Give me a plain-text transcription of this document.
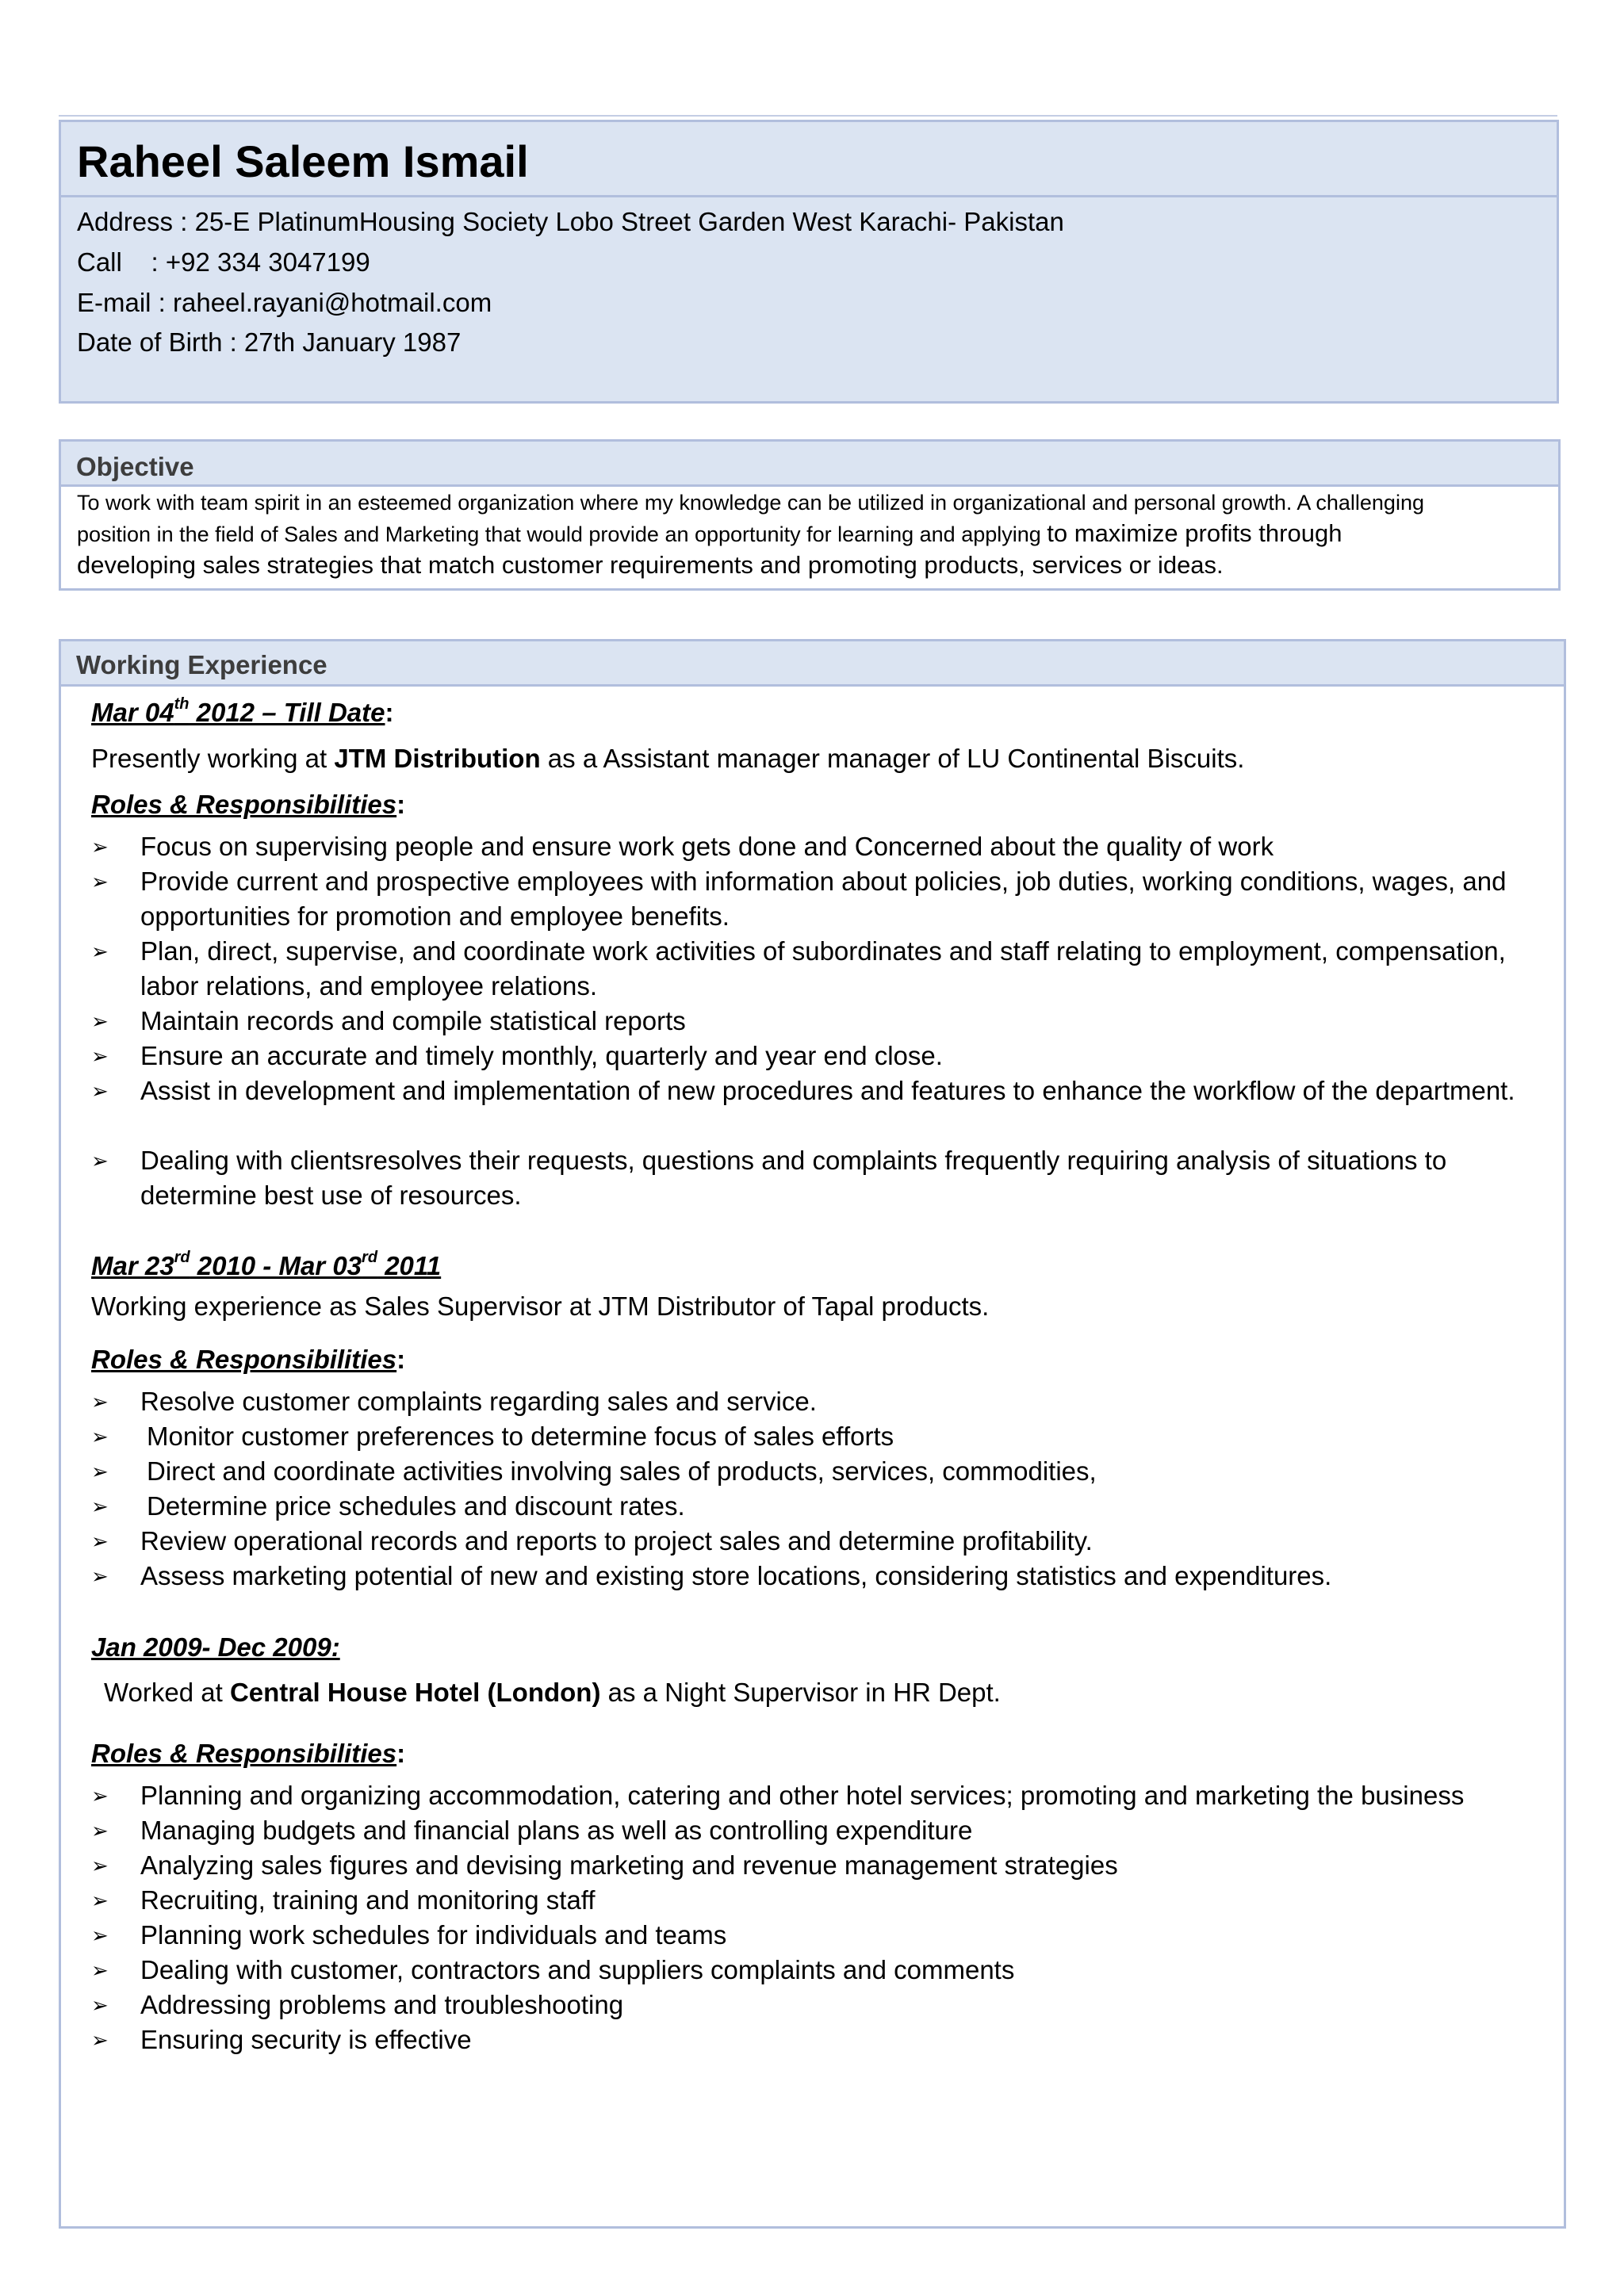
Raheel Saleem Ismail
Address : 25-E PlatinumHousing Society Lobo Street Garden West Karachi- Pakistan
Call    : +92 334 3047199
E-mail : raheel.rayani@hotmail.com
Date of Birth : 27th January 1987
Objective
To work with team spirit in an esteemed organization where my knowledge can be utilized in organizational and personal growth. A challenging
position in the field of Sales and Marketing that would provide an opportunity for learning and applying to maximize profits through
developing sales strategies that match customer requirements and promoting products, services or ideas.
Working Experience
Mar 04th 2012 – Till Date:
Presently working at JTM Distribution as a Assistant manager manager of LU Continental Biscuits.
Roles & Responsibilities:
➢ Focus on supervising people and ensure work gets done and Concerned about the quality of work
➢ Provide current and prospective employees with information about policies, job duties, working conditions, wages, and opportunities for promotion and employee benefits.
➢ Plan, direct, supervise, and coordinate work activities of subordinates and staff relating to employment, compensation, labor relations, and employee relations.
➢ Maintain records and compile statistical reports
➢ Ensure an accurate and timely monthly, quarterly and year end close.
➢ Assist in development and implementation of new procedures and features to enhance the workflow of the department.
➢ Dealing with clientsresolves their requests, questions and complaints frequently requiring analysis of situations to determine best use of resources.
Mar 23rd 2010 - Mar 03rd 2011
Working experience as Sales Supervisor at JTM Distributor of Tapal products.
Roles & Responsibilities:
➢ Resolve customer complaints regarding sales and service.
➢ Monitor customer preferences to determine focus of sales efforts
➢ Direct and coordinate activities involving sales of products, services, commodities,
➢ Determine price schedules and discount rates.
➢ Review operational records and reports to project sales and determine profitability.
➢ Assess marketing potential of new and existing store locations, considering statistics and expenditures.
Jan 2009- Dec 2009:
Worked at Central House Hotel (London) as a Night Supervisor in HR Dept.
Roles & Responsibilities:
➢ Planning and organizing accommodation, catering and other hotel services; promoting and marketing the business
➢ Managing budgets and financial plans as well as controlling expenditure
➢ Analyzing sales figures and devising marketing and revenue management strategies
➢ Recruiting, training and monitoring staff
➢ Planning work schedules for individuals and teams
➢ Dealing with customer, contractors and suppliers complaints and comments
➢ Addressing problems and troubleshooting
➢ Ensuring security is effective
